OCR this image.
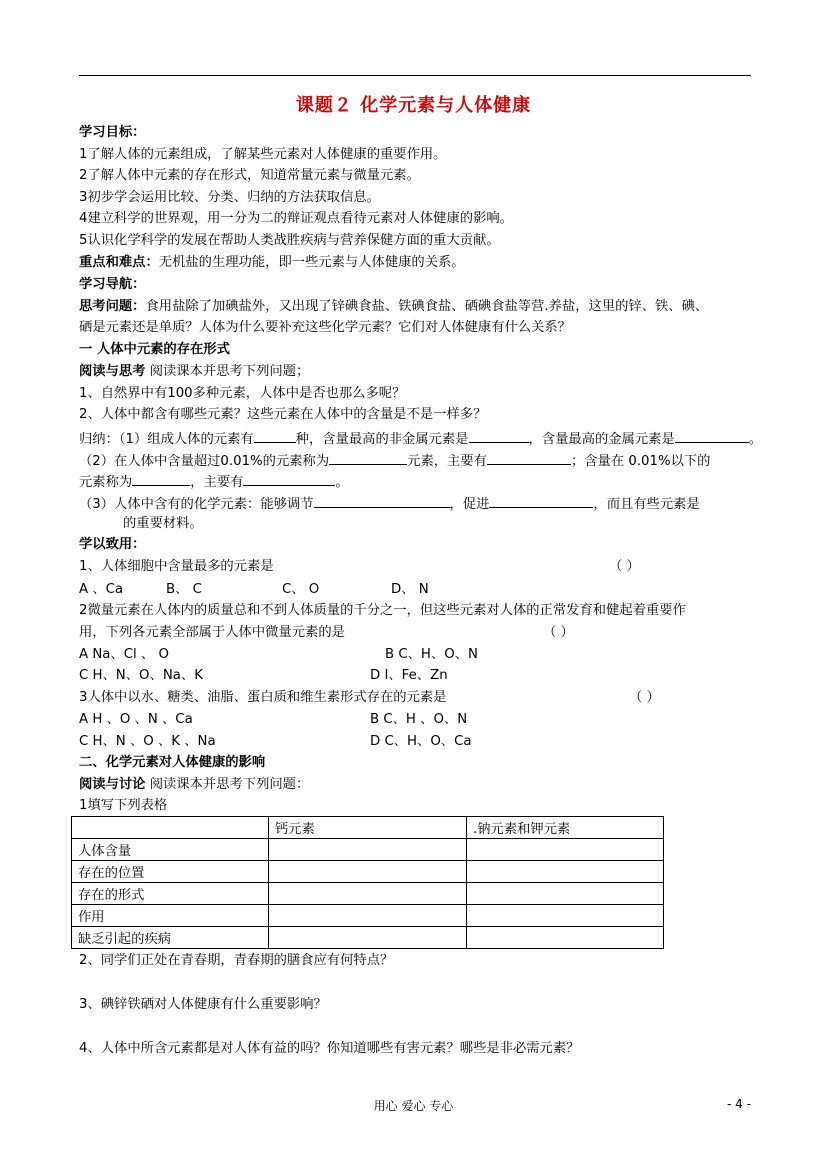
课题２ 化学元素与人体健康
学习目标：
1了解人体的元素组成，了解某些元素对人体健康的重要作用。
2了解人体中元素的存在形式，知道常量元素与微量元素。
3初步学会运用比较、分类、归纳的方法获取信息。
4建立科学的世界观，用一分为二的辩证观点看待元素对人体健康的影响。
5认识化学科学的发展在帮助人类战胜疾病与营养保健方面的重大贡献。
重点和难点：无机盐的生理功能，即一些元素与人体健康的关系。
学习导航：
思考问题：食用盐除了加碘盐外，又出现了锌碘食盐、铁碘食盐、硒碘食盐等营.养盐，这里的锌、铁、碘、
硒是元素还是单质？人体为什么要补充这些化学元素？它们对人体健康有什么关系？
一 人体中元素的存在形式
阅读与思考 阅读课本并思考下列问题；
1、自然界中有100多种元素，人体中是否也那么多呢？
2、人体中都含有哪些元素？这些元素在人体中的含量是不是一样多？
归纳：（1）组成人体的元素有	种，含量最高的非金属元素是	，含量最高的金属元素是	。
（2）在人体中含量超过0.01%的元素称为	元素，主要有	；含量在 0.01%以下的
元素称为	，主要有	。
（3）人体中含有的化学元素：能够调节	，促进	，而且有些元素是
的重要材料。
学以致用：
1、人体细胞中含量最多的元素是	（ ）
A 、Ca	B、 C	C、 O	D、 N
2微量元素在人体内的质量总和不到人体质量的千分之一，但这些元素对人体的正常发育和健起着重要作
用，下列各元素全部属于人体中微量元素的是	（ ）
A Na、Cl 、 O	B C、H、O、N
C H、N、O、Na、K	D I、Fe、Zn
3人体中以水、糖类、油脂、蛋白质和维生素形式存在的元素是	（ ）
A H 、O 、N 、Ca	B C、H 、O、N
C H、N 、O 、K 、Na	D C、H、O、Ca
二、化学元素对人体健康的影响
阅读与讨论 阅读课本并思考下列问题：
1填写下列表格
	钙元素	.钠元素和钾元素
人体含量		
存在的位置		
存在的形式		
作用		
缺乏引起的疾病		
2、同学们正处在青春期，青春期的膳食应有何特点？
3、碘锌铁硒对人体健康有什么重要影响？
4、人体中所含元素都是对人体有益的吗？你知道哪些有害元素？哪些是非必需元素？
用心 爱心 专心	- 4 -
